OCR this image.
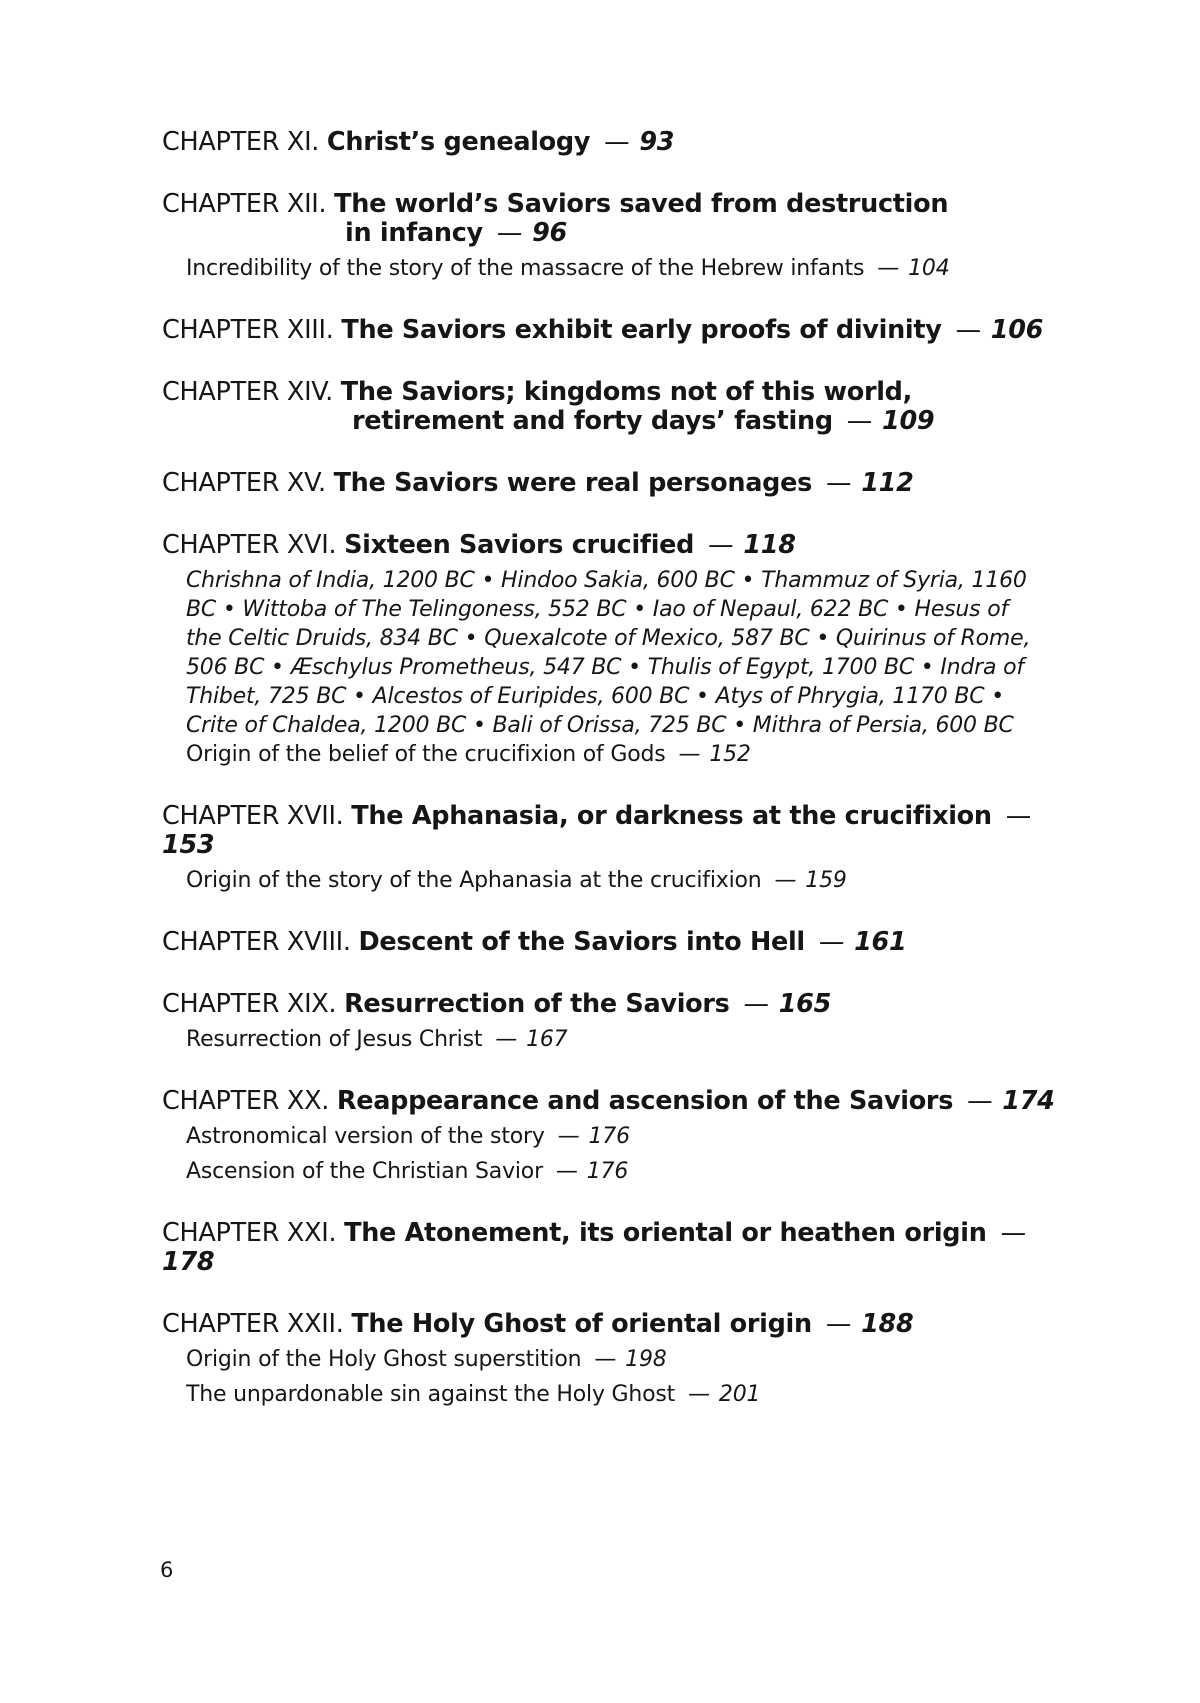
CHAPTER XI. Christ’s genealogy — 93
CHAPTER XII. The world’s Saviors saved from destruction
in infancy — 96
Incredibility of the story of the massacre of the Hebrew infants — 104
CHAPTER XIII. The Saviors exhibit early proofs of divinity — 106
CHAPTER XIV. The Saviors; kingdoms not of this world,
retirement and forty days’ fasting — 109
CHAPTER XV. The Saviors were real personages — 112
CHAPTER XVI. Sixteen Saviors crucified — 118
Chrishna of India, 1200 BC • Hindoo Sakia, 600 BC • Thammuz of Syria, 1160 BC • Wittoba of The Telingoness, 552 BC • Iao of Nepaul, 622 BC • Hesus of the Celtic Druids, 834 BC • Quexalcote of Mexico, 587 BC • Quirinus of Rome, 506 BC • Æschylus Prometheus, 547 BC • Thulis of Egypt, 1700 BC • Indra of Thibet, 725 BC • Alcestos of Euripides, 600 BC • Atys of Phrygia, 1170 BC • Crite of Chaldea, 1200 BC • Bali of Orissa, 725 BC • Mithra of Persia, 600 BC
Origin of the belief of the crucifixion of Gods — 152
CHAPTER XVII. The Aphanasia, or darkness at the crucifixion —153
Origin of the story of the Aphanasia at the crucifixion — 159
CHAPTER XVIII. Descent of the Saviors into Hell — 161
CHAPTER XIX. Resurrection of the Saviors — 165
Resurrection of Jesus Christ — 167
CHAPTER XX. Reappearance and ascension of the Saviors — 174
Astronomical version of the story — 176
Ascension of the Christian Savior — 176
CHAPTER XXI. The Atonement, its oriental or heathen origin —178
CHAPTER XXII. The Holy Ghost of oriental origin — 188
Origin of the Holy Ghost superstition — 198
The unpardonable sin against the Holy Ghost — 201
6
